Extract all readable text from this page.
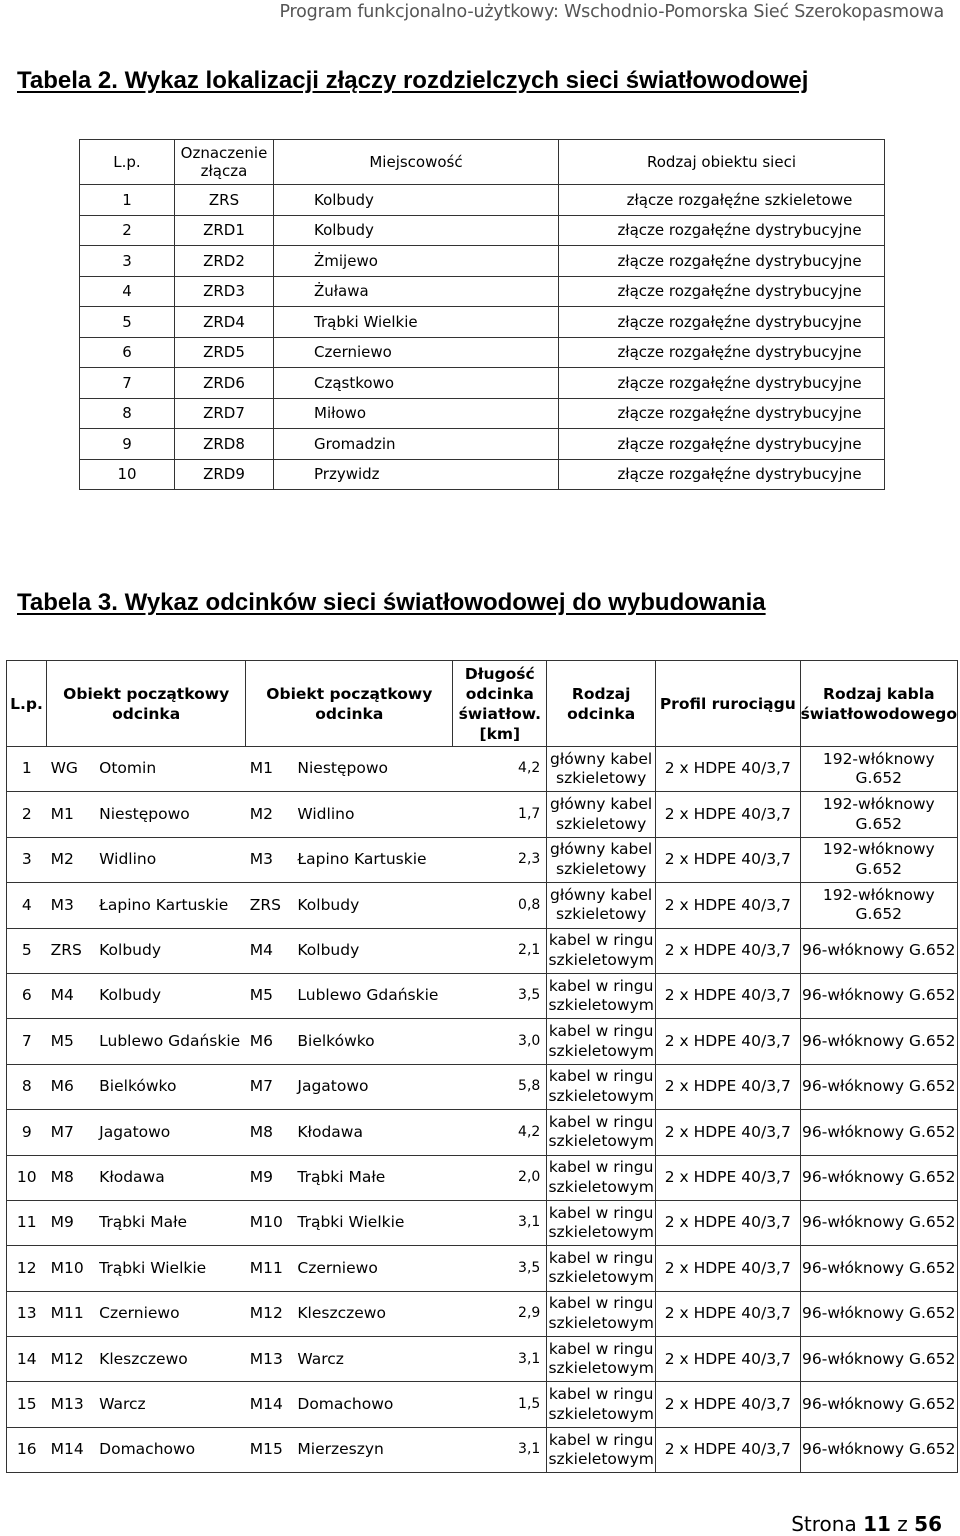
Program funkcjonalno-użytkowy: Wschodnio-Pomorska Sieć Szerokopasmowa
Tabela 2. Wykaz lokalizacji złączy rozdzielczych sieci światłowodowej
L.p.	Oznaczenie złącza	Miejscowość	Rodzaj obiektu sieci
1	ZRS	Kolbudy	złącze rozgałęźne szkieletowe
2	ZRD1	Kolbudy	złącze rozgałęźne dystrybucyjne
3	ZRD2	Żmijewo	złącze rozgałęźne dystrybucyjne
4	ZRD3	Żuława	złącze rozgałęźne dystrybucyjne
5	ZRD4	Trąbki Wielkie	złącze rozgałęźne dystrybucyjne
6	ZRD5	Czerniewo	złącze rozgałęźne dystrybucyjne
7	ZRD6	Cząstkowo	złącze rozgałęźne dystrybucyjne
8	ZRD7	Miłowo	złącze rozgałęźne dystrybucyjne
9	ZRD8	Gromadzin	złącze rozgałęźne dystrybucyjne
10	ZRD9	Przywidz	złącze rozgałęźne dystrybucyjne
Tabela 3. Wykaz odcinków sieci światłowodowej do wybudowania
L.p.	Obiekt początkowy odcinka		Obiekt początkowy odcinka		Długość odcinka światłow. [km]	Rodzaj odcinka	Profil rurociągu	Rodzaj kabla światłowodowego
1	WG	Otomin	M1	Niestępowo	4,2	główny kabel szkieletowy	2 x HDPE 40/3,7	192-włóknowy G.652
2	M1	Niestępowo	M2	Widlino	1,7	główny kabel szkieletowy	2 x HDPE 40/3,7	192-włóknowy G.652
3	M2	Widlino	M3	Łapino Kartuskie	2,3	główny kabel szkieletowy	2 x HDPE 40/3,7	192-włóknowy G.652
4	M3	Łapino Kartuskie	ZRS	Kolbudy	0,8	główny kabel szkieletowy	2 x HDPE 40/3,7	192-włóknowy G.652
5	ZRS	Kolbudy	M4	Kolbudy	2,1	kabel w ringu szkieletowym	2 x HDPE 40/3,7	96-włóknowy G.652
6	M4	Kolbudy	M5	Lublewo Gdańskie	3,5	kabel w ringu szkieletowym	2 x HDPE 40/3,7	96-włóknowy G.652
7	M5	Lublewo Gdańskie	M6	Bielkówko	3,0	kabel w ringu szkieletowym	2 x HDPE 40/3,7	96-włóknowy G.652
8	M6	Bielkówko	M7	Jagatowo	5,8	kabel w ringu szkieletowym	2 x HDPE 40/3,7	96-włóknowy G.652
9	M7	Jagatowo	M8	Kłodawa	4,2	kabel w ringu szkieletowym	2 x HDPE 40/3,7	96-włóknowy G.652
10	M8	Kłodawa	M9	Trąbki Małe	2,0	kabel w ringu szkieletowym	2 x HDPE 40/3,7	96-włóknowy G.652
11	M9	Trąbki Małe	M10	Trąbki Wielkie	3,1	kabel w ringu szkieletowym	2 x HDPE 40/3,7	96-włóknowy G.652
12	M10	Trąbki Wielkie	M11	Czerniewo	3,5	kabel w ringu szkieletowym	2 x HDPE 40/3,7	96-włóknowy G.652
13	M11	Czerniewo	M12	Kleszczewo	2,9	kabel w ringu szkieletowym	2 x HDPE 40/3,7	96-włóknowy G.652
14	M12	Kleszczewo	M13	Warcz	3,1	kabel w ringu szkieletowym	2 x HDPE 40/3,7	96-włóknowy G.652
15	M13	Warcz	M14	Domachowo	1,5	kabel w ringu szkieletowym	2 x HDPE 40/3,7	96-włóknowy G.652
16	M14	Domachowo	M15	Mierzeszyn	3,1	kabel w ringu szkieletowym	2 x HDPE 40/3,7	96-włóknowy G.652
Strona 11 z 56
